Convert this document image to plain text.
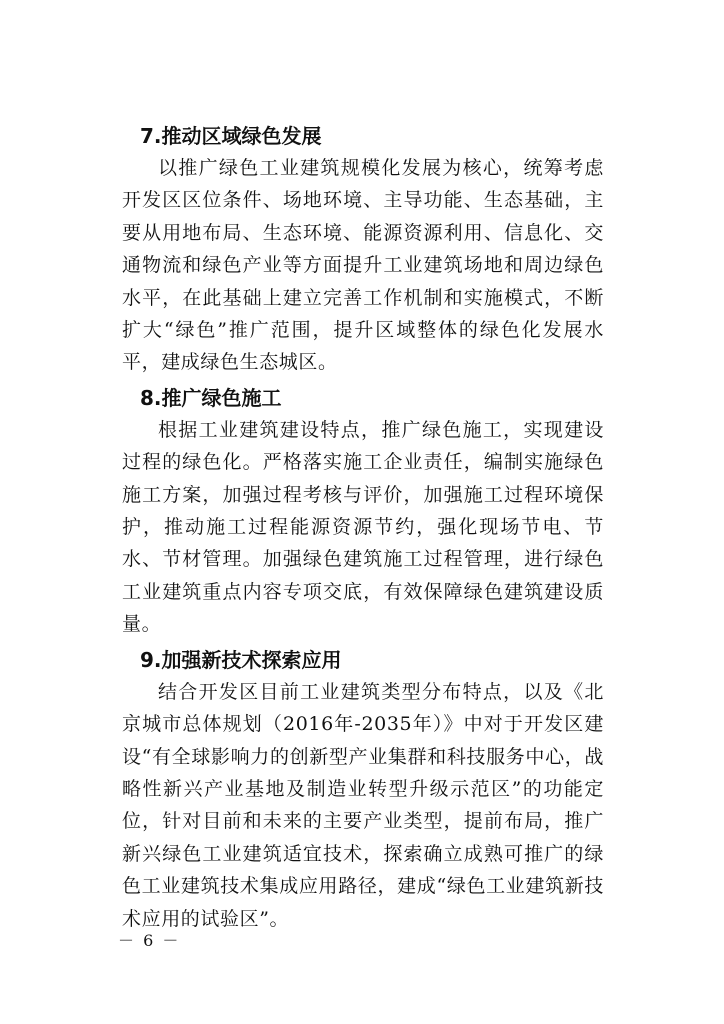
7.推动区域绿色发展

以推广绿色工业建筑规模化发展为核心，统筹考虑开发区区位条件、场地环境、主导功能、生态基础，主要从用地布局、生态环境、能源资源利用、信息化、交通物流和绿色产业等方面提升工业建筑场地和周边绿色水平，在此基础上建立完善工作机制和实施模式，不断扩大“绿色”推广范围，提升区域整体的绿色化发展水平，建成绿色生态城区。

8.推广绿色施工

根据工业建筑建设特点，推广绿色施工，实现建设过程的绿色化。严格落实施工企业责任，编制实施绿色施工方案，加强过程考核与评价，加强施工过程环境保护，推动施工过程能源资源节约，强化现场节电、节水、节材管理。加强绿色建筑施工过程管理，进行绿色工业建筑重点内容专项交底，有效保障绿色建筑建设质量。

9.加强新技术探索应用

结合开发区目前工业建筑类型分布特点，以及《北京城市总体规划（2016年-2035年）》中对于开发区建设“有全球影响力的创新型产业集群和科技服务中心，战略性新兴产业基地及制造业转型升级示范区”的功能定位，针对目前和未来的主要产业类型，提前布局，推广新兴绿色工业建筑适宜技术，探索确立成熟可推广的绿色工业建筑技术集成应用路径，建成“绿色工业建筑新技术应用的试验区”。

－ 6 －
